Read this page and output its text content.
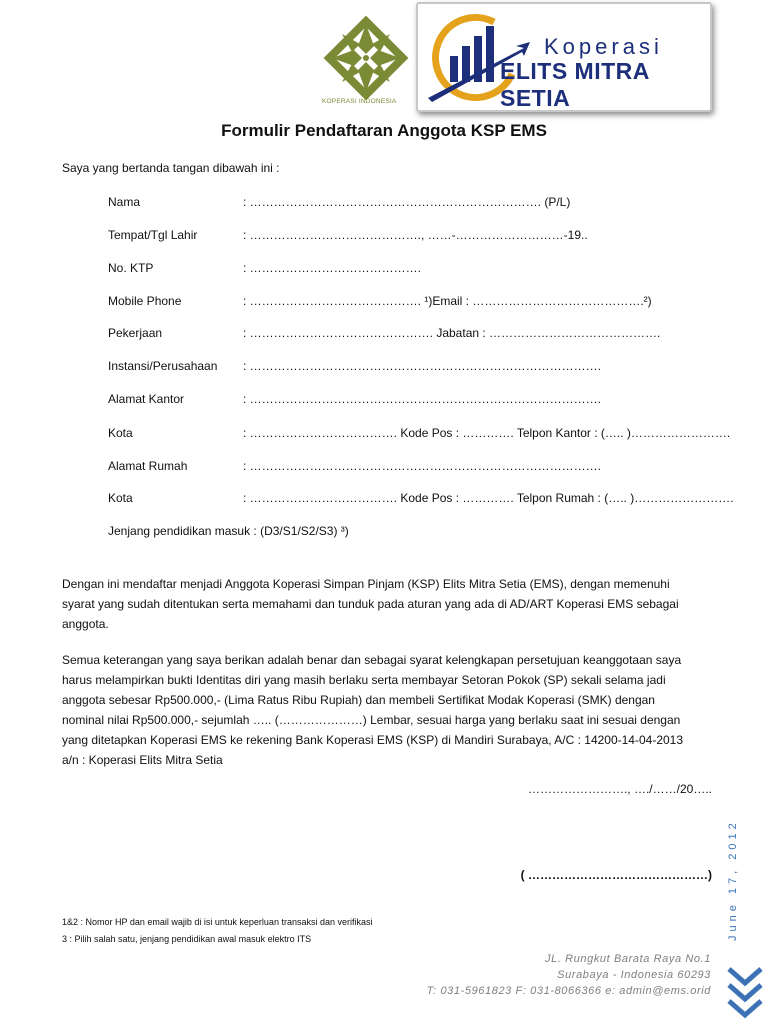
KOPERASI INDONESIA
Koperasi
ELITS MITRA SETIA
Formulir Pendaftaran Anggota KSP EMS
Saya yang bertanda tangan dibawah ini :
Nama	: ………………………………………………………………. (P/L)
Tempat/Tgl Lahir	: ……………………………………., ……-………………………-19..
No. KTP	: …………………………………….
Mobile Phone	: ……………………………………. ¹)Email : …………………………………….²)
Pekerjaan	: ………………………………………. Jabatan : …………………………………….
Instansi/Perusahaan : …………………………………………………………………………….
Alamat Kantor	: …………………………………………………………………………….
Kota	: ………………………………. Kode Pos : …………. Telpon Kantor : (….. )…………………….
Alamat Rumah	: …………………………………………………………………………….
Kota	: ………………………………. Kode Pos : …………. Telpon Rumah : (….. )…………………….
Jenjang pendidikan masuk : (D3/S1/S2/S3) ³)

Dengan ini mendaftar menjadi Anggota Koperasi Simpan Pinjam (KSP) Elits Mitra Setia (EMS), dengan memenuhi

syarat yang sudah ditentukan serta memahami dan tunduk pada aturan yang ada di AD/ART Koperasi EMS sebagai

anggota.

Semua keterangan yang saya berikan adalah benar dan sebagai syarat kelengkapan persetujuan keanggotaan saya

harus melampirkan bukti Identitas diri yang masih berlaku serta membayar Setoran Pokok (SP) sekali selama jadi

anggota sebesar Rp500.000,- (Lima Ratus Ribu Rupiah) dan membeli Sertifikat Modak Koperasi (SMK) dengan

nominal nilai Rp500.000,- sejumlah ….. (…………………) Lembar, sesuai harga yang berlaku saat ini sesuai dengan

yang ditetapkan Koperasi EMS ke rekening Bank Koperasi EMS (KSP) di Mandiri Surabaya, A/C : 14200-14-04-2013

a/n : Koperasi Elits Mitra Setia

……………………., …./……/20…..
( ………………………………………)
1&2 : Nomor HP dan email wajib di isi untuk keperluan transaksi dan verifikasi
3 : Pilih salah satu, jenjang pendidikan awal masuk elektro ITS
JL. Rungkut Barata Raya No.1
Surabaya - Indonesia 60293
T: 031-5961823 F: 031-8066366 e: admin@ems.orid
June 17, 2012
